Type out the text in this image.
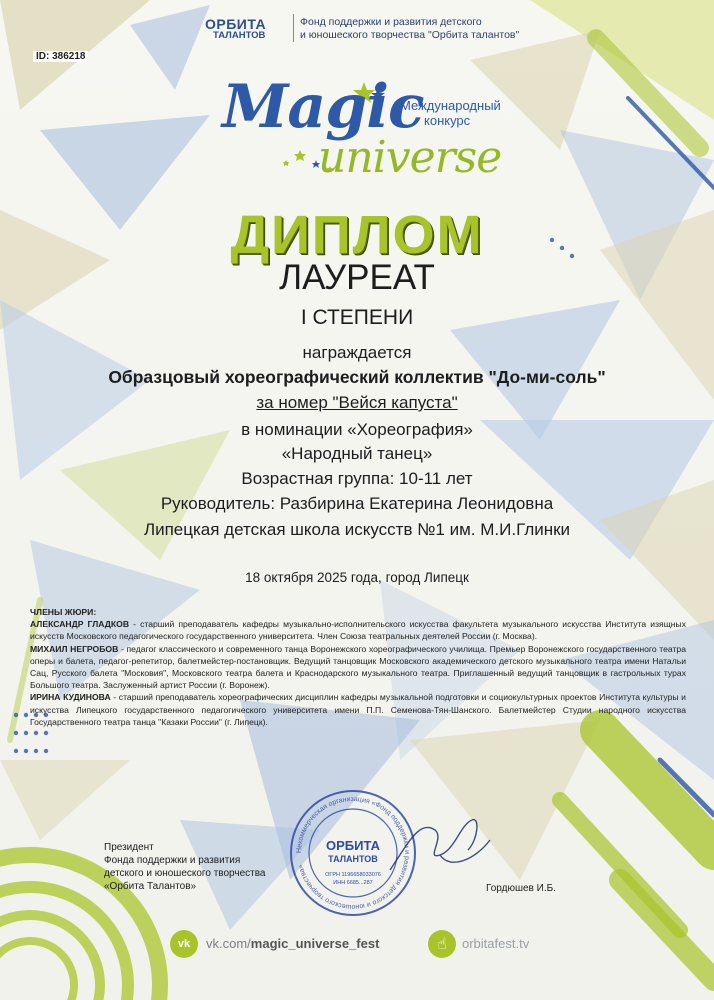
ОРБИТА
ТАЛАНТОВ
Фонд поддержки и развития детского
и юношеского творчества "Орбита талантов"
ID: 386218
Magic
universe
Международный
конкурс
ДИПЛОМ
ЛАУРЕАТ
I СТЕПЕНИ
награждается
Образцовый хореографический коллектив "До-ми-соль"
за номер "Вейся капуста"
в номинации «Хореография»
«Народный танец»
Возрастная группа: 10-11 лет
Руководитель: Разбирина Екатерина Леонидовна
Липецкая детская школа искусств №1 им. М.И.Глинки
18 октября 2025 года, город Липецк

ЧЛЕНЫ ЖЮРИ:

АЛЕКСАНДР ГЛАДКОВ - старший преподаватель кафедры музыкально-исполнительского искусства факультета музыкального искусства Института изящных искусств Московского педагогического государственного университета. Член Союза театральных деятелей России (г. Москва).

МИХАИЛ НЕГРОБОВ - педагог классического и современного танца Воронежского хореографического училища. Премьер Воронежского государственного театра оперы и балета, педагог-репетитор, балетмейстер-постановщик. Ведущий танцовщик Московского академического детского музыкального театра имени Натальи Сац, Русского балета "Московия", Московского театра балета и Краснодарского музыкального театра. Приглашенный ведущий танцовщик в гастрольных турах Большого театра. Заслуженный артист России (г. Воронеж).

ИРИНА КУДИНОВА - старший преподаватель хореографических дисциплин кафедры музыкальной подготовки и социокультурных проектов Института культуры и искусства Липецкого государственного педагогического университета имени П.П. Семенова-Тян-Шанского. Балетмейстер Студии народного искусства Государственного театра танца "Казаки России" (г. Липецк).

Президент
Фонда поддержки и развития
детского и юношеского творчества
«Орбита Талантов»
Некоммерческая организация «Фонд поддержки и развития детского и юношеского творчества»
ОРБИТА
ТАЛАНТОВ
ОГРН 1196658033076
ИНН 6685...287	Гордюшев И.Б.
vk	vk.com/magic_universe_fest	☝	orbitafest.tv
